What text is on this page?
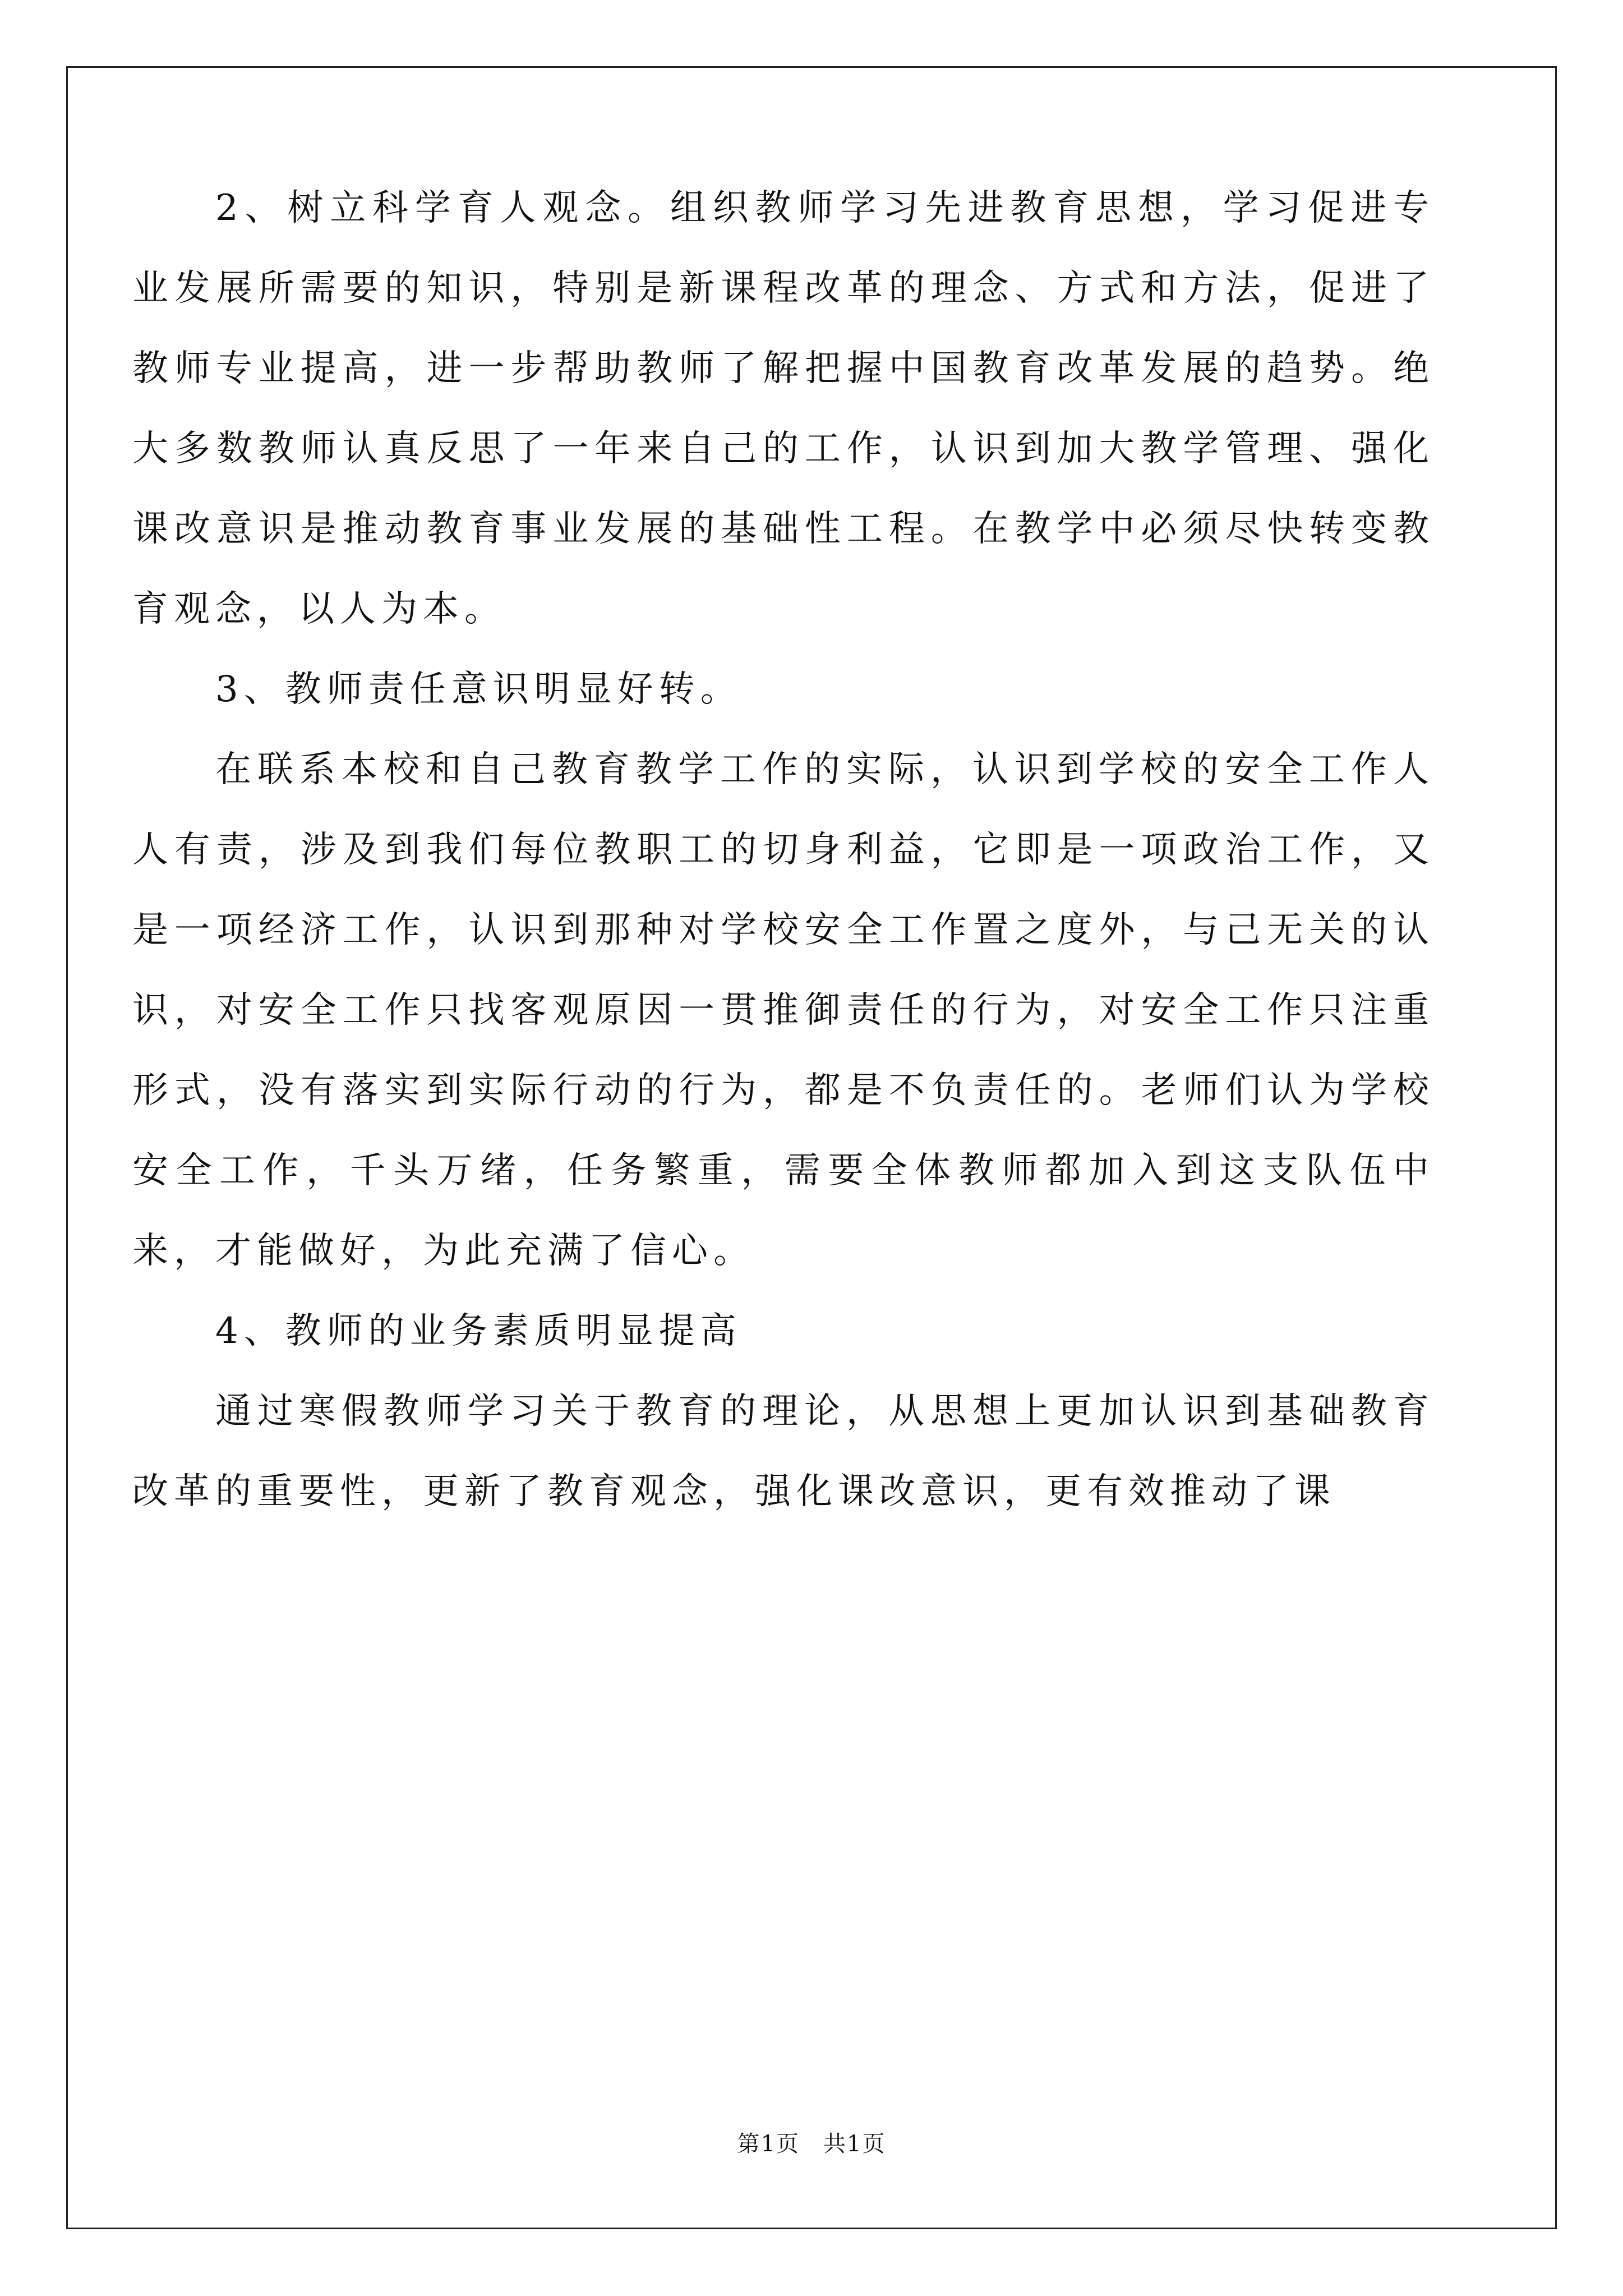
2、树立科学育人观念。组织教师学习先进教育思想，学习促进专业发展所需要的知识，特别是新课程改革的理念、方式和方法，促进了教师专业提高，进一步帮助教师了解把握中国教育改革发展的趋势。绝大多数教师认真反思了一年来自己的工作，认识到加大教学管理、强化课改意识是推动教育事业发展的基础性工程。在教学中必须尽快转变教育观念，以人为本。

3、教师责任意识明显好转。

在联系本校和自己教育教学工作的实际，认识到学校的安全工作人人有责，涉及到我们每位教职工的切身利益，它即是一项政治工作，又是一项经济工作，认识到那种对学校安全工作置之度外，与己无关的认识，对安全工作只找客观原因一贯推御责任的行为，对安全工作只注重形式，没有落实到实际行动的行为，都是不负责任的。老师们认为学校安全工作，千头万绪，任务繁重，需要全体教师都加入到这支队伍中来，才能做好，为此充满了信心。

4、教师的业务素质明显提高

通过寒假教师学习关于教育的理论，从思想上更加认识到基础教育改革的重要性，更新了教育观念，强化课改意识，更有效推动了课

第1页　共1页
